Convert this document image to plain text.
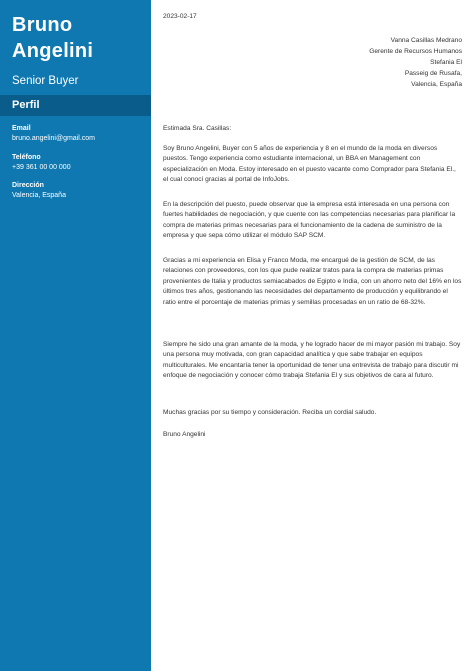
Bruno
Angelini
Senior Buyer
Perfil
Email
bruno.angelini@gmail.com
Teléfono
+39 361 00 00 000
Dirección
Valencia, España
2023-02-17
Vanna Casillas Medrano
Gerente de Recursos Humanos
Stefania El
Passeig de Rusafa,
Valencia, España
Estimada Sra. Casillas:

Soy Bruno Angelini, Buyer con 5 años de experiencia y 8 en el mundo de la moda en diversos puestos. Tengo experiencia como estudiante internacional, un BBA en Management con especialización en Moda. Estoy interesado en el puesto vacante como Comprador para Stefania El., el cual conocí gracias al portal de InfoJobs.

En la descripción del puesto, puede observar que la empresa está interesada en una persona con fuertes habilidades de negociación, y que cuente con las competencias necesarias para planificar la compra de materias primas necesarias para el funcionamiento de la cadena de suministro de la empresa y que sepa cómo utilizar el módulo SAP SCM.

Gracias a mi experiencia en Elisa y Franco Moda, me encargué de la gestión de SCM, de las relaciones con proveedores, con los que pude realizar tratos para la compra de materias primas provenientes de Italia y productos semiacabados de Egipto e India, con un ahorro neto del 16% en los últimos tres años, gestionando las necesidades del departamento de producción y equilibrando el ratio entre el porcentaje de materias primas y semillas procesadas en un ratio de 68-32%.

Siempre he sido una gran amante de la moda, y he logrado hacer de mi mayor pasión mi trabajo. Soy una persona muy motivada, con gran capacidad analítica y que sabe trabajar en equipos multiculturales. Me encantaría tener la oportunidad de tener una entrevista de trabajo para discutir mi enfoque de negociación y conocer cómo trabaja Stefania El y sus objetivos de cara al futuro.

Muchas gracias por su tiempo y consideración. Reciba un cordial saludo.

Bruno Angelini
